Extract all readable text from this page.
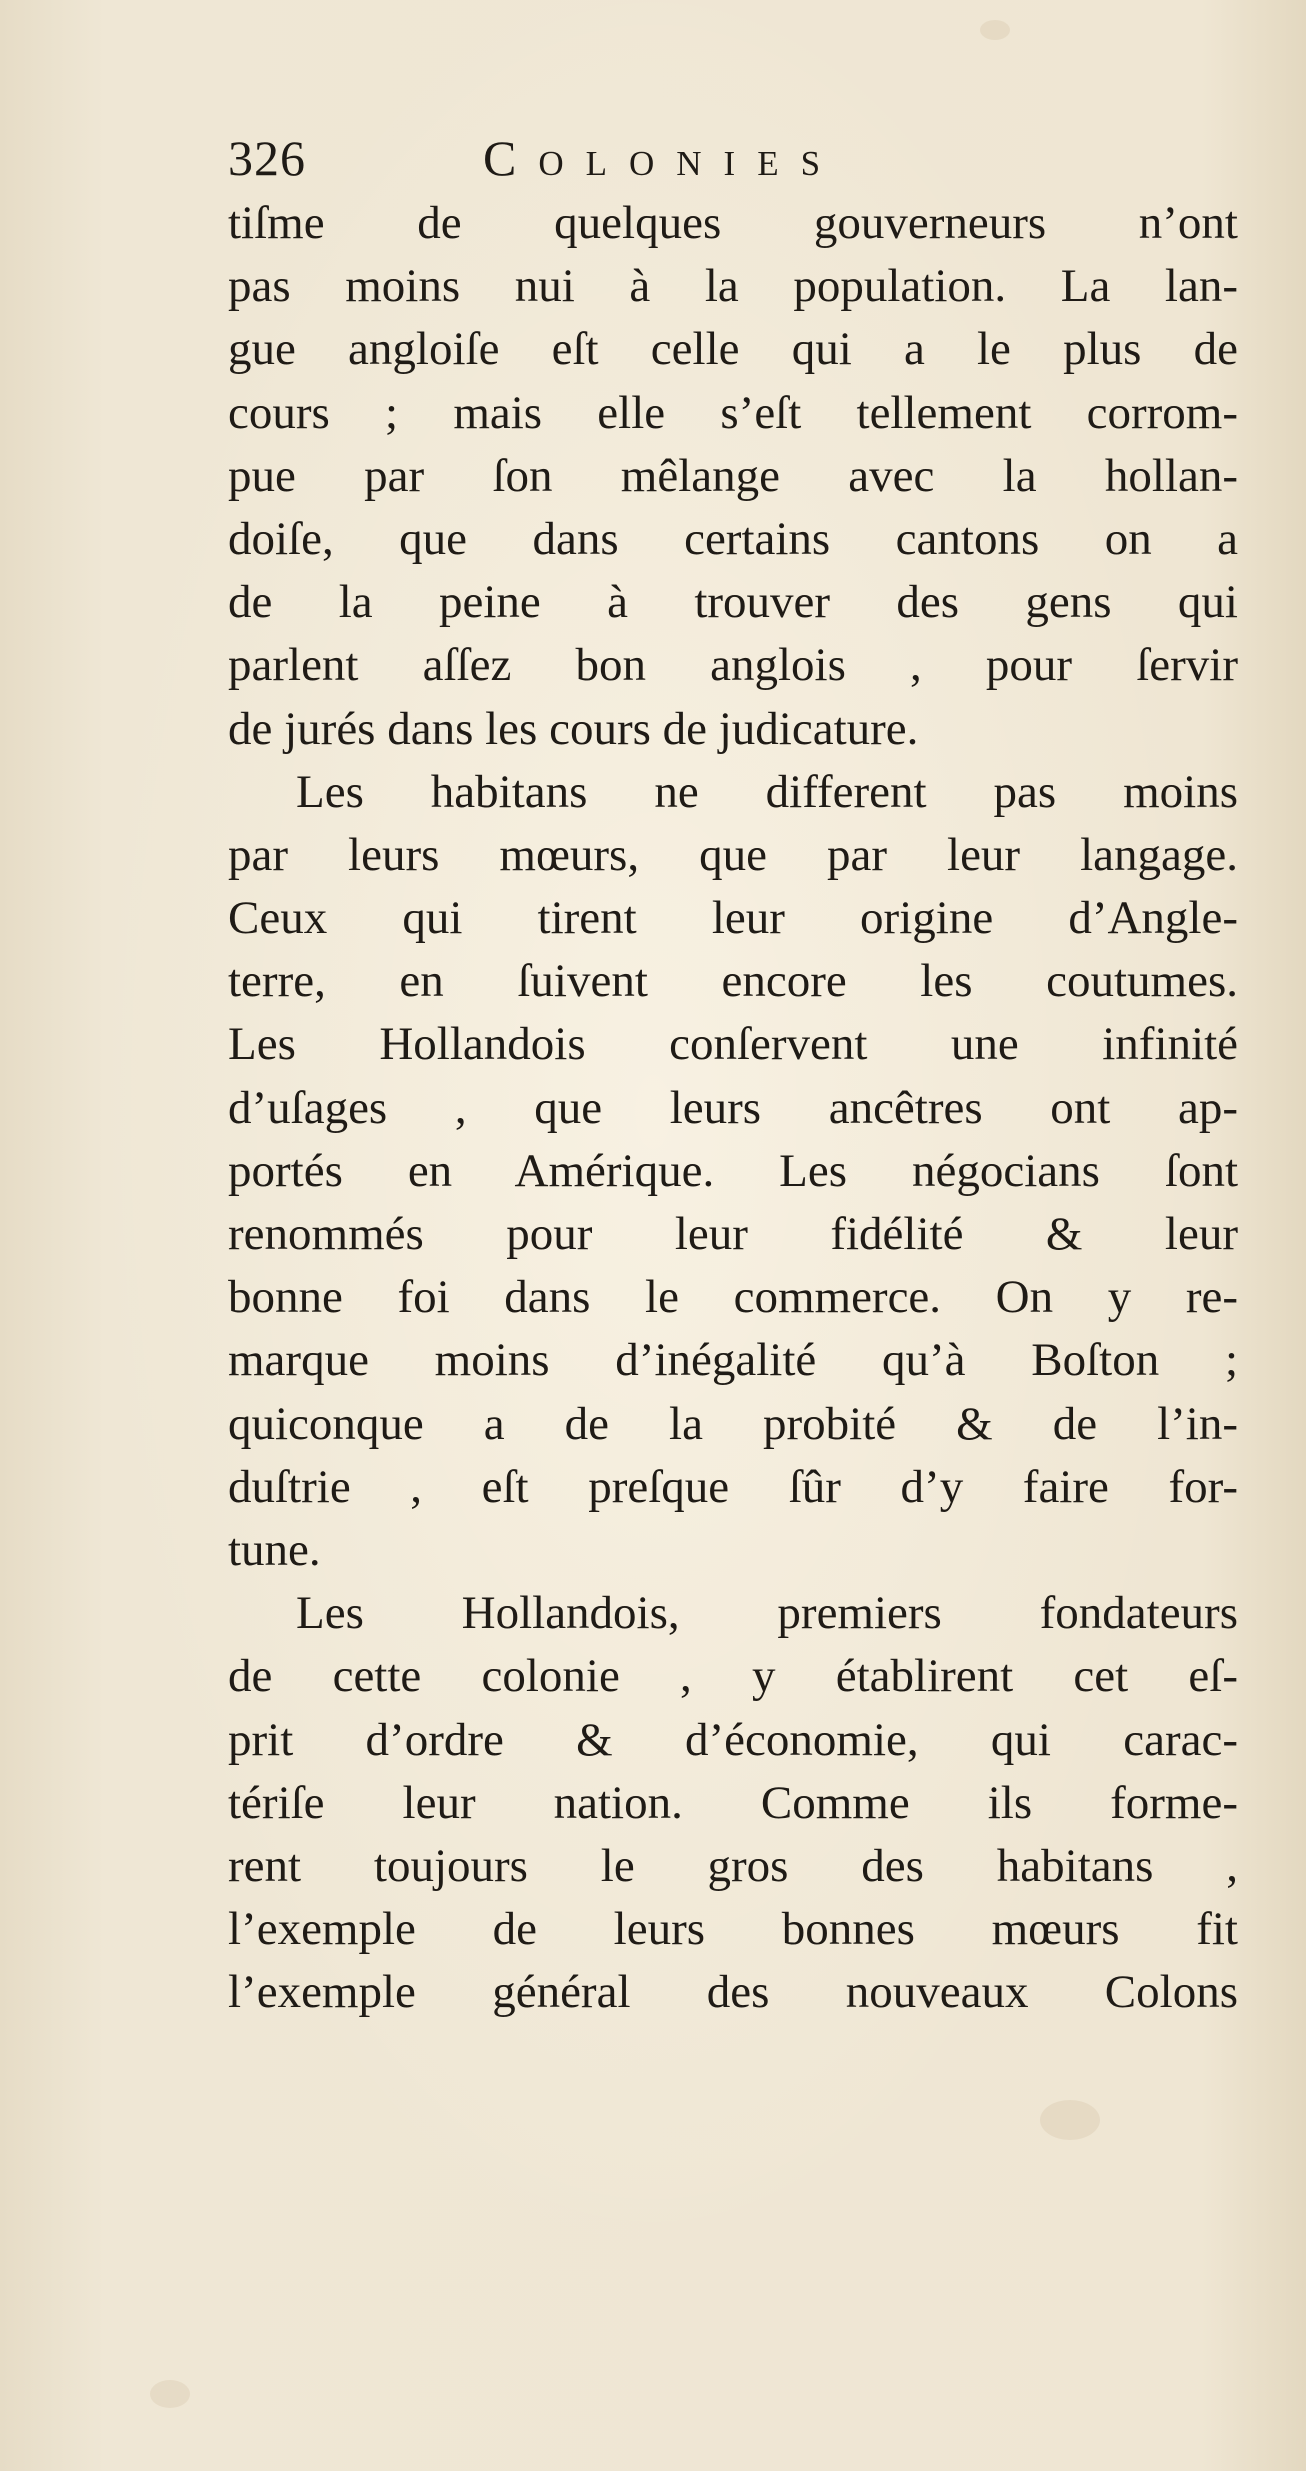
326	Colonies
tiſme de quelques gouverneurs n’ont
pas moins nui à la population. La lan-
gue angloiſe eſt celle qui a le plus de
cours ; mais elle s’eſt tellement corrom-
pue par ſon mêlange avec la hollan-
doiſe, que dans certains cantons on a
de la peine à trouver des gens qui
parlent aſſez bon anglois , pour ſervir
de jurés dans les cours de judicature.
Les habitans ne different pas moins
par leurs mœurs, que par leur langage.
Ceux qui tirent leur origine d’Angle-
terre, en ſuivent encore les coutumes.
Les Hollandois conſervent une infinité
d’uſages , que leurs ancêtres ont ap-
portés en Amérique. Les négocians ſont
renommés pour leur fidélité & leur
bonne foi dans le commerce. On y re-
marque moins d’inégalité qu’à Boſton ;
quiconque a de la probité & de l’in-
duſtrie , eſt preſque ſûr d’y faire for-
tune.
Les Hollandois, premiers fondateurs
de cette colonie , y établirent cet eſ-
prit d’ordre & d’économie, qui carac-
tériſe leur nation. Comme ils forme-
rent toujours le gros des habitans ,
l’exemple de leurs bonnes mœurs fit
l’exemple général des nouveaux Colons
